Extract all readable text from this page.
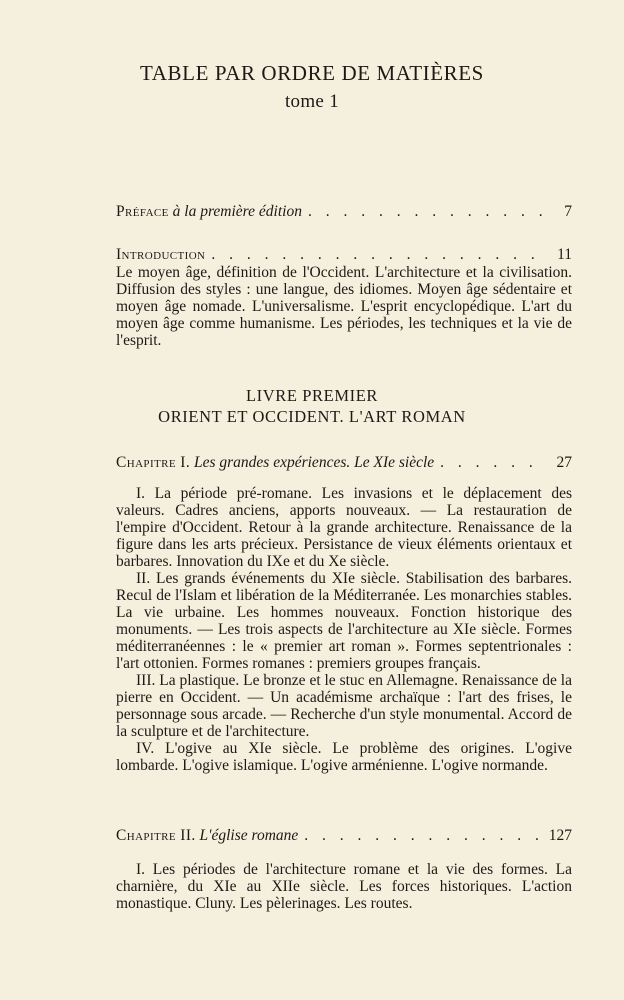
TABLE PAR ORDRE DE MATIÈRES
tome 1
Préface à la première édition . . .	7
Introduction . . .	11

Le moyen âge, définition de l'Occident. L'architecture et la civilisation. Diffusion des styles : une langue, des idiomes. Moyen âge sédentaire et moyen âge nomade. L'universalisme. L'esprit encyclopédique. L'art du moyen âge comme humanisme. Les périodes, les techniques et la vie de l'esprit.

LIVRE PREMIER
ORIENT ET OCCIDENT. L'ART ROMAN
Chapitre I. Les grandes expériences. Le XIe siècle . . .	27

I. La période pré-romane. Les invasions et le déplacement des valeurs. Cadres anciens, apports nouveaux. — La restauration de l'empire d'Occident. Retour à la grande architecture. Renaissance de la figure dans les arts précieux. Persistance de vieux éléments orientaux et barbares. Innovation du IXe et du Xe siècle.

II. Les grands événements du XIe siècle. Stabilisation des barbares. Recul de l'Islam et libération de la Méditerranée. Les monarchies stables. La vie urbaine. Les hommes nouveaux. Fonction historique des monuments. — Les trois aspects de l'architecture au XIe siècle. Formes méditerranéennes : le « premier art roman ». Formes septentrionales : l'art ottonien. Formes romanes : premiers groupes français.

III. La plastique. Le bronze et le stuc en Allemagne. Renaissance de la pierre en Occident. — Un académisme archaïque : l'art des frises, le personnage sous arcade. — Recherche d'un style monumental. Accord de la sculpture et de l'architecture.

IV. L'ogive au XIe siècle. Le problème des origines. L'ogive lombarde. L'ogive islamique. L'ogive arménienne. L'ogive normande.

Chapitre II. L'église romane . . .	127

I. Les périodes de l'architecture romane et la vie des formes. La charnière, du XIe au XIIe siècle. Les forces historiques. L'action monastique. Cluny. Les pèlerinages. Les routes.
